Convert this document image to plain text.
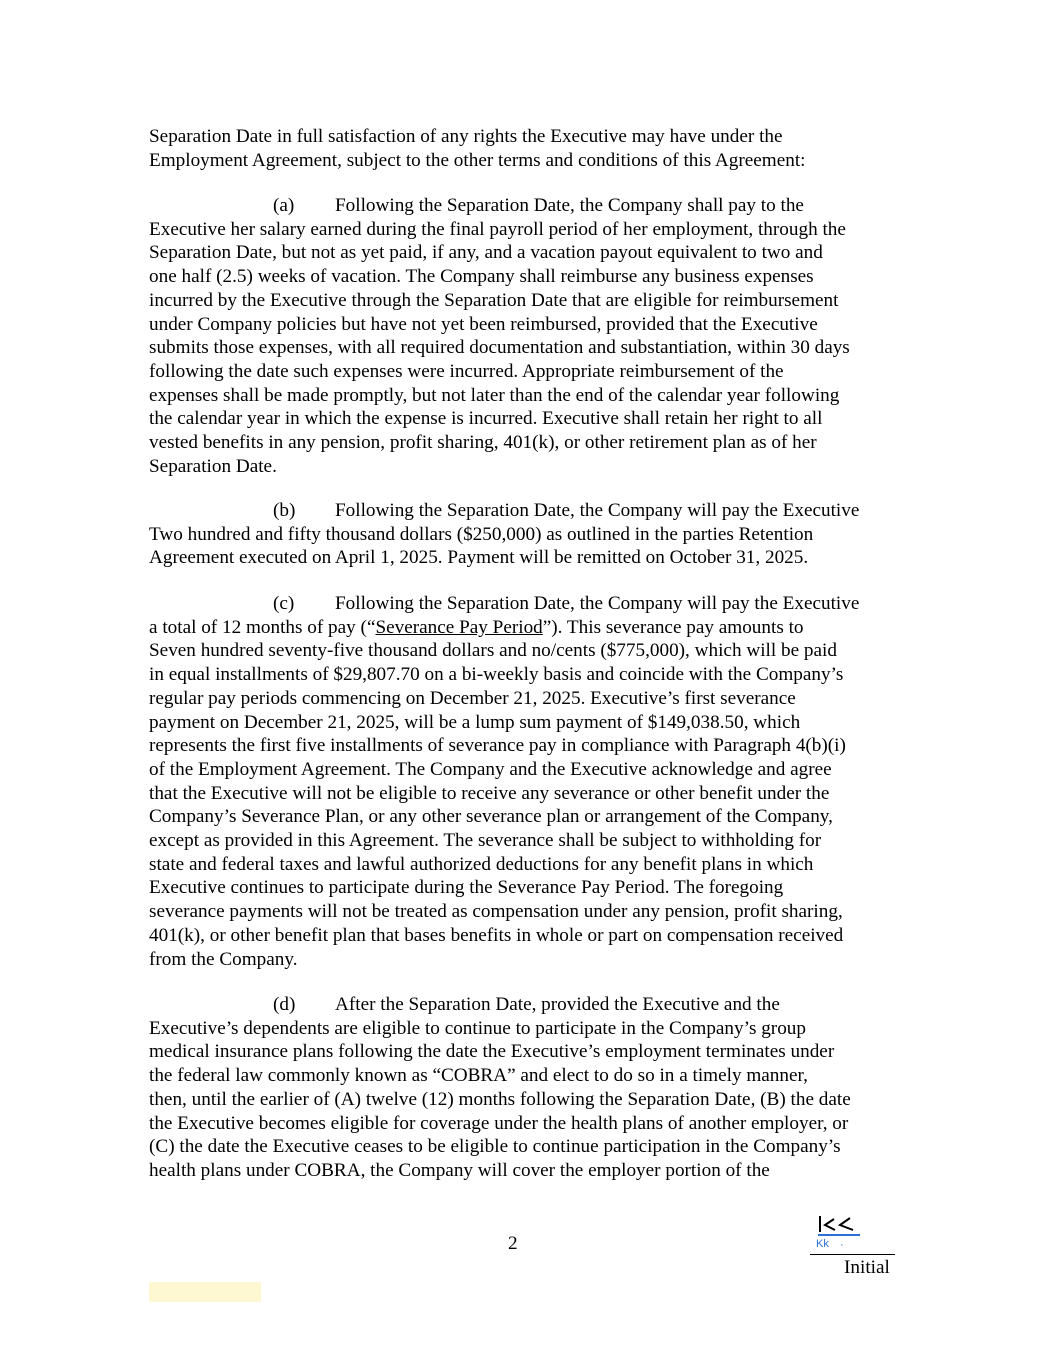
Separation Date in full satisfaction of any rights the Executive may have under the
Employment Agreement, subject to the other terms and conditions of this Agreement:
(a) Following the Separation Date, the Company shall pay to the
Executive her salary earned during the final payroll period of her employment, through the
Separation Date, but not as yet paid, if any, and a vacation payout equivalent to two and
one half (2.5) weeks of vacation. The Company shall reimburse any business expenses
incurred by the Executive through the Separation Date that are eligible for reimbursement
under Company policies but have not yet been reimbursed, provided that the Executive
submits those expenses, with all required documentation and substantiation, within 30 days
following the date such expenses were incurred. Appropriate reimbursement of the
expenses shall be made promptly, but not later than the end of the calendar year following
the calendar year in which the expense is incurred. Executive shall retain her right to all
vested benefits in any pension, profit sharing, 401(k), or other retirement plan as of her
Separation Date.
(b) Following the Separation Date, the Company will pay the Executive
Two hundred and fifty thousand dollars ($250,000) as outlined in the parties Retention
Agreement executed on April 1, 2025. Payment will be remitted on October 31, 2025.
(c) Following the Separation Date, the Company will pay the Executive
a total of 12 months of pay (“Severance Pay Period”). This severance pay amounts to
Seven hundred seventy-five thousand dollars and no/cents ($775,000), which will be paid
in equal installments of $29,807.70 on a bi-weekly basis and coincide with the Company’s
regular pay periods commencing on December 21, 2025. Executive’s first severance
payment on December 21, 2025, will be a lump sum payment of $149,038.50, which
represents the first five installments of severance pay in compliance with Paragraph 4(b)(i)
of the Employment Agreement. The Company and the Executive acknowledge and agree
that the Executive will not be eligible to receive any severance or other benefit under the
Company’s Severance Plan, or any other severance plan or arrangement of the Company,
except as provided in this Agreement. The severance shall be subject to withholding for
state and federal taxes and lawful authorized deductions for any benefit plans in which
Executive continues to participate during the Severance Pay Period. The foregoing
severance payments will not be treated as compensation under any pension, profit sharing,
401(k), or other benefit plan that bases benefits in whole or part on compensation received
from the Company.
(d) After the Separation Date, provided the Executive and the
Executive’s dependents are eligible to continue to participate in the Company’s group
medical insurance plans following the date the Executive’s employment terminates under
the federal law commonly known as “COBRA” and elect to do so in a timely manner,
then, until the earlier of (A) twelve (12) months following the Separation Date, (B) the date
the Executive becomes eligible for coverage under the health plans of another employer, or
(C) the date the Executive ceases to be eligible to continue participation in the Company’s
health plans under COBRA, the Company will cover the employer portion of the
2	Kk ·
Initial
